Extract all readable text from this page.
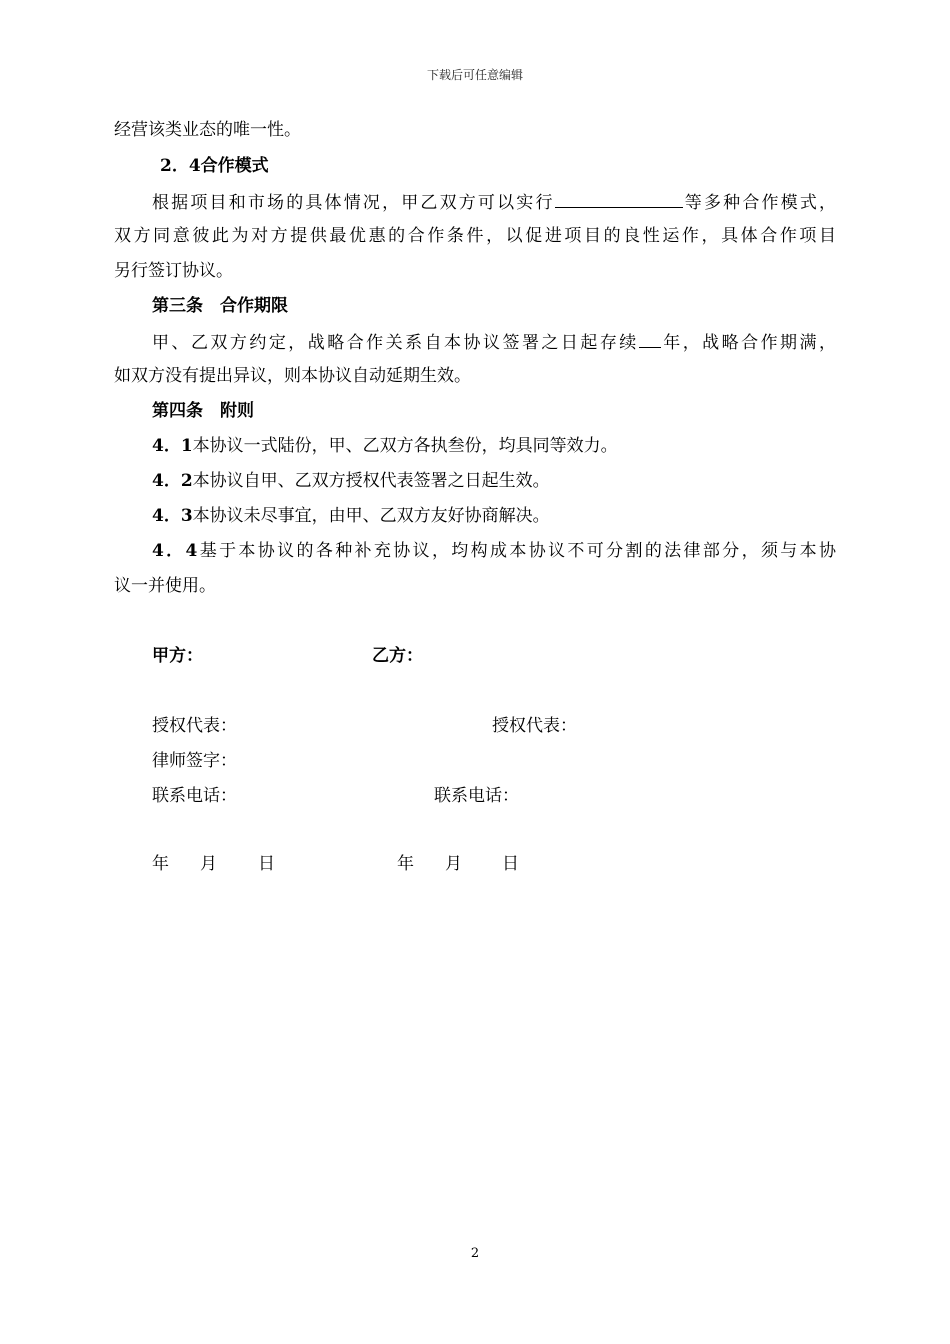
下载后可任意编辑
经营该类业态的唯一性。
2．4合作模式
根据项目和市场的具体情况，甲乙双方可以实行	等多种合作模式，
双方同意彼此为对方提供最优惠的合作条件，以促进项目的良性运作，具体合作项目
另行签订协议。
第三条　合作期限
甲、乙双方约定，战略合作关系自本协议签署之日起存续 年，战略合作期满，
如双方没有提出异议，则本协议自动延期生效。
第四条　附则
4．1本协议一式陆份，甲、乙双方各执叁份，均具同等效力。
4．2本协议自甲、乙双方授权代表签署之日起生效。
4．3本协议未尽事宜，由甲、乙双方友好协商解决。
4．4基于本协议的各种补充协议，均构成本协议不可分割的法律部分，须与本协
议一并使用。
甲方：	乙方：
授权代表：	授权代表：
律师签字：
联系电话：	联系电话：
年 月 日	年 月 日
2
